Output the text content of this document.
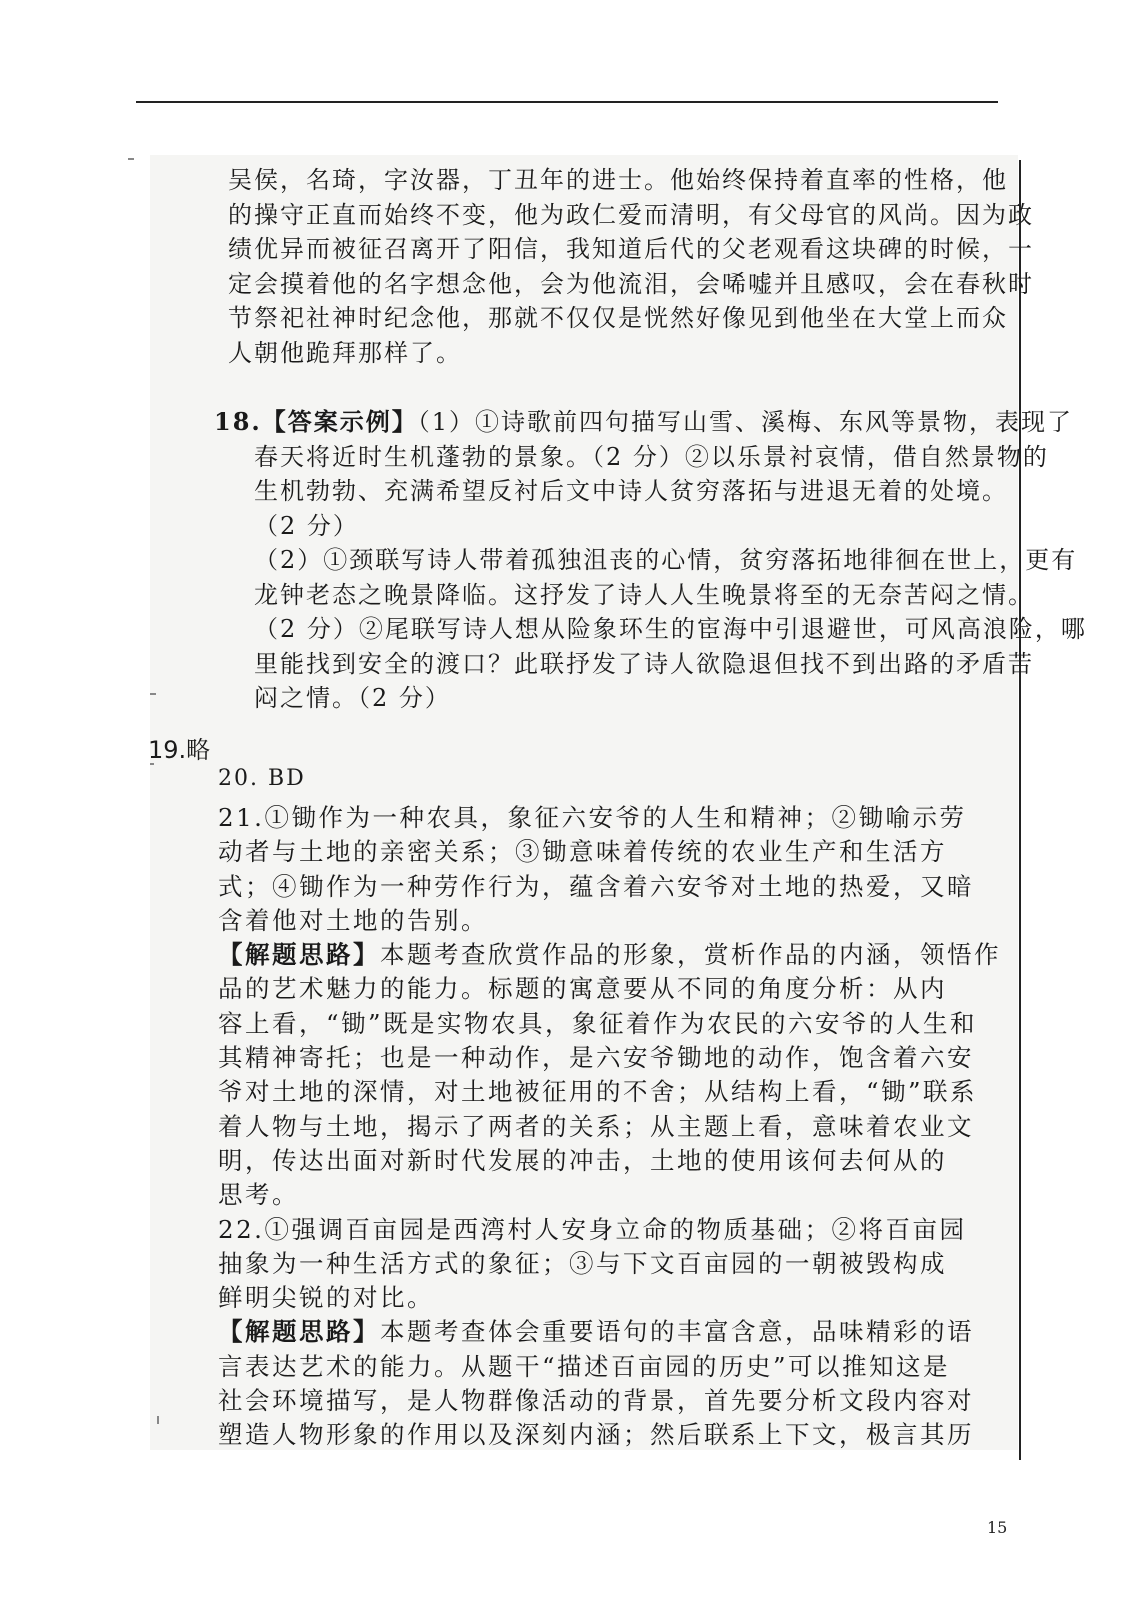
吴侯，名琦，字汝器，丁丑年的进士。他始终保持着直率的性格，他

的操守正直而始终不变，他为政仁爱而清明，有父母官的风尚。因为政

绩优异而被征召离开了阳信，我知道后代的父老观看这块碑的时候，一

定会摸着他的名字想念他，会为他流泪，会唏嘘并且感叹，会在春秋时

节祭祀社神时纪念他，那就不仅仅是恍然好像见到他坐在大堂上而众

人朝他跪拜那样了。

18.【答案示例】（1）①诗歌前四句描写山雪、溪梅、东风等景物，表现了

春天将近时生机蓬勃的景象。（2 分）②以乐景衬哀情，借自然景物的

生机勃勃、充满希望反衬后文中诗人贫穷落拓与进退无着的处境。

（2 分）

（2）①颈联写诗人带着孤独沮丧的心情，贫穷落拓地徘徊在世上，更有

龙钟老态之晚景降临。这抒发了诗人人生晚景将至的无奈苦闷之情。

（2 分）②尾联写诗人想从险象环生的宦海中引退避世，可风高浪险，哪

里能找到安全的渡口？此联抒发了诗人欲隐退但找不到出路的矛盾苦

闷之情。（2 分）

19.略
20. BD

21.①锄作为一种农具，象征六安爷的人生和精神；②锄喻示劳

动者与土地的亲密关系；③锄意味着传统的农业生产和生活方

式；④锄作为一种劳作行为，蕴含着六安爷对土地的热爱，又暗

含着他对土地的告别。

【解题思路】本题考查欣赏作品的形象，赏析作品的内涵，领悟作

品的艺术魅力的能力。标题的寓意要从不同的角度分析：从内

容上看，“锄”既是实物农具，象征着作为农民的六安爷的人生和

其精神寄托；也是一种动作，是六安爷锄地的动作，饱含着六安

爷对土地的深情，对土地被征用的不舍；从结构上看，“锄”联系

着人物与土地，揭示了两者的关系；从主题上看，意味着农业文

明，传达出面对新时代发展的冲击，土地的使用该何去何从的

思考。

22.①强调百亩园是西湾村人安身立命的物质基础；②将百亩园

抽象为一种生活方式的象征；③与下文百亩园的一朝被毁构成

鲜明尖锐的对比。

【解题思路】本题考查体会重要语句的丰富含意，品味精彩的语

言表达艺术的能力。从题干“描述百亩园的历史”可以推知这是

社会环境描写，是人物群像活动的背景，首先要分析文段内容对

塑造人物形象的作用以及深刻内涵；然后联系上下文，极言其历

15
